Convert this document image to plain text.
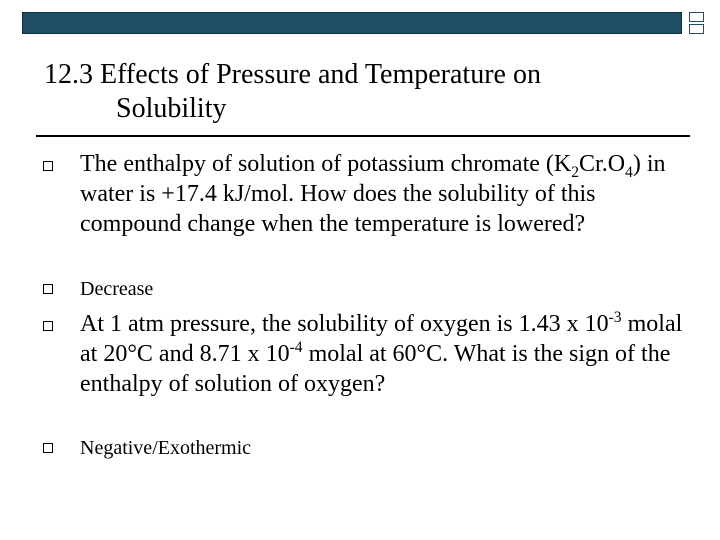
12.3 Effects of Pressure and Temperature on
Solubility
The enthalpy of solution of potassium chromate $(K_2Cr.O_4)$ in water is +17.4 kJ/mol. How does the solubility of this compound change when the temperature is lowered?
Decrease
At 1 atm pressure, the solubility of oxygen is 1.43 x $10^{-3}$ molal at 20°C and 8.71 x $10^{-4}$ molal at 60°C. What is the sign of the enthalpy of solution of oxygen?
Negative/Exothermic
